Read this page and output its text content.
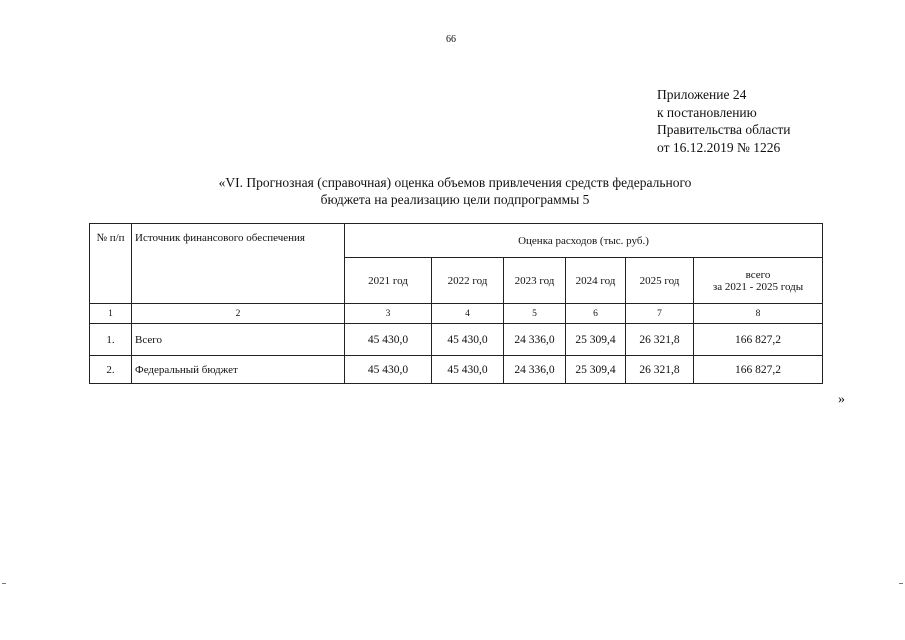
66
Приложение 24
к постановлению
Правительства области
от 16.12.2019 № 1226
«VI. Прогнозная (справочная) оценка объемов привлечения средств федерального
бюджета на реализацию цели подпрограммы 5
№ п/п	Источник финансового обеспечения	Оценка расходов (тыс. руб.)					
		2021 год	2022 год	2023 год	2024 год	2025 год	всего
за 2021 - 2025 годы

1	2	3	4	5	6	7	8
1.	Всего	45 430,0	45 430,0	24 336,0	25 309,4	26 321,8	166 827,2
2.	Федеральный бюджет	45 430,0	45 430,0	24 336,0	25 309,4	26 321,8	166 827,2
»
